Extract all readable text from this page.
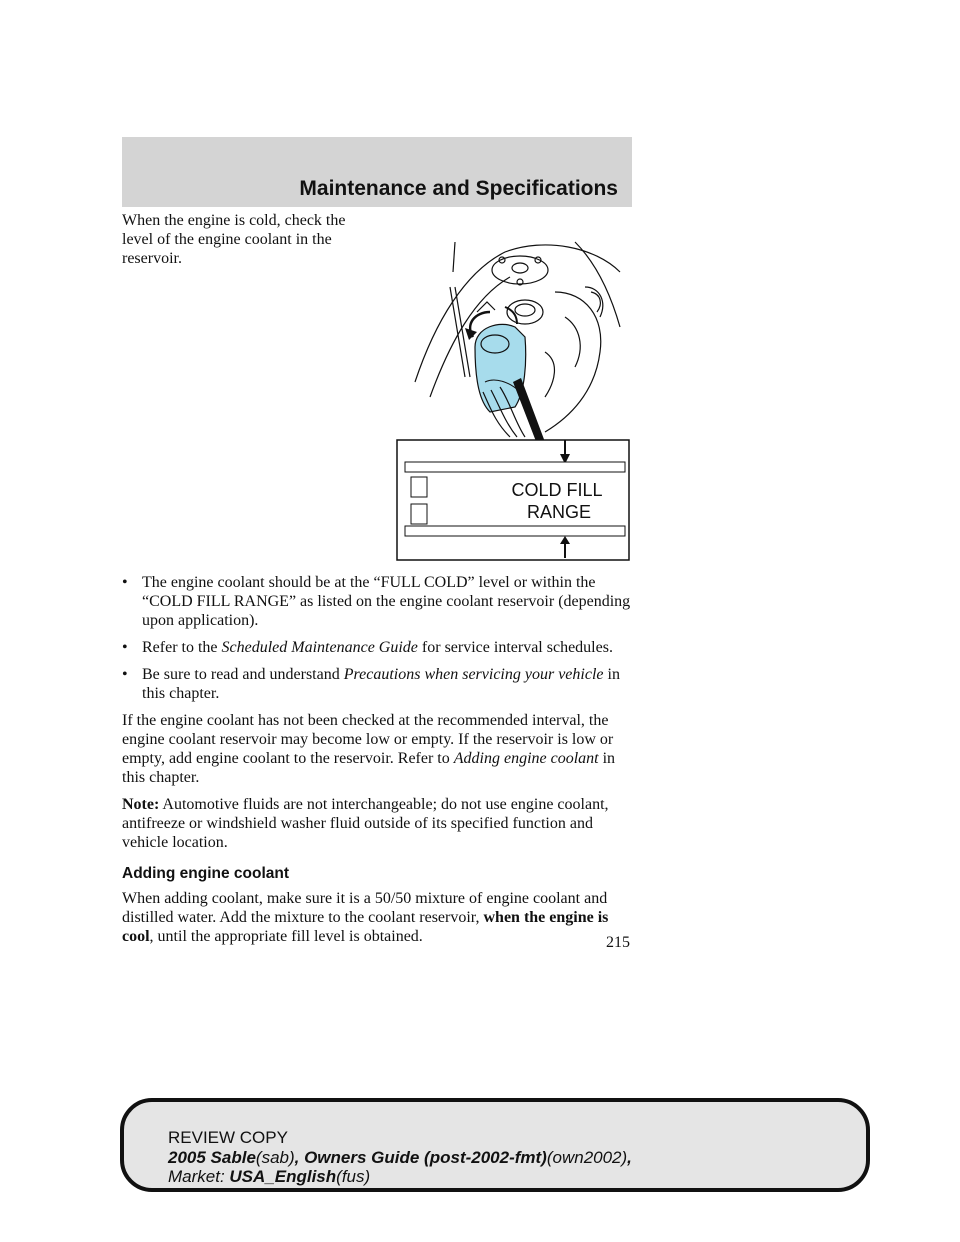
Maintenance and Specifications
When the engine is cold, check the level of the engine coolant in the reservoir.
COLD FILL
RANGE
• The engine coolant should be at the “FULL COLD” level or within the “COLD FILL RANGE” as listed on the engine coolant reservoir (depending upon application).
• Refer to the Scheduled Maintenance Guide for service interval schedules.
• Be sure to read and understand Precautions when servicing your vehicle in this chapter.

If the engine coolant has not been checked at the recommended interval, the engine coolant reservoir may become low or empty. If the reservoir is low or empty, add engine coolant to the reservoir. Refer to Adding engine coolant in this chapter.

Note: Automotive fluids are not interchangeable; do not use engine coolant, antifreeze or windshield washer fluid outside of its specified function and vehicle location.

Adding engine coolant

When adding coolant, make sure it is a 50/50 mixture of engine coolant and distilled water. Add the mixture to the coolant reservoir, when the engine is cool, until the appropriate fill level is obtained.	215
REVIEW COPY
2005 Sable(sab), Owners Guide (post-2002-fmt)(own2002),
Market: USA_English(fus)
